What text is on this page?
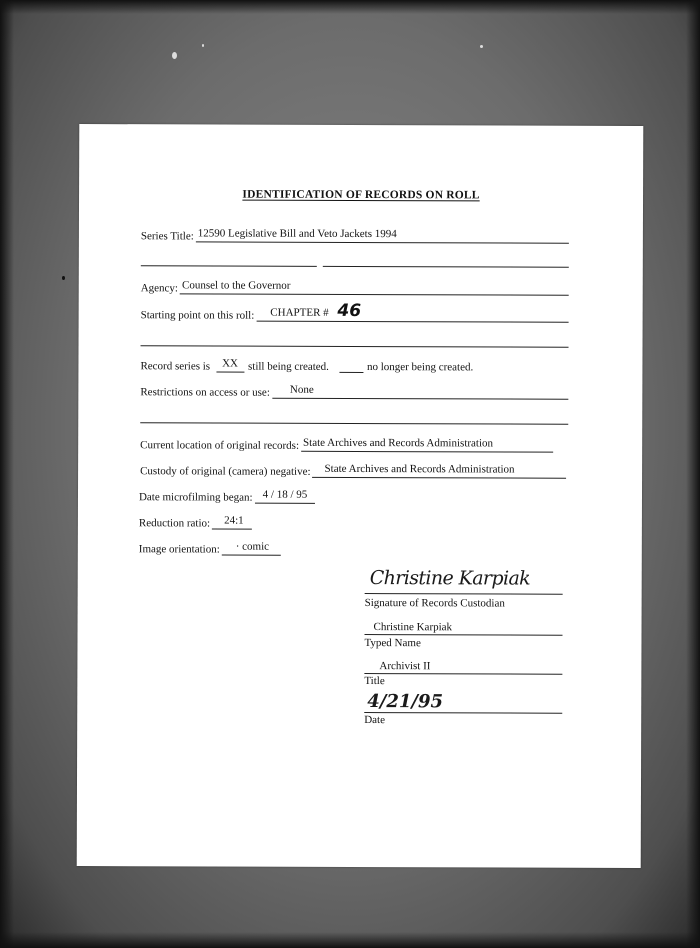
IDENTIFICATION OF RECORDS ON ROLL
Series Title: 12590 Legislative Bill and Veto Jackets 1994
Agency: Counsel to the Governor
Starting point on this roll:	CHAPTER # 46
Record series is	XX still being created.	no longer being created.
Restrictions on access or use:	None
Current location of original records: State Archives and Records Administration
Custody of original (camera) negative:	State Archives and Records Administration
Date microfilming began: 4 / 18 / 95
Reduction ratio:	24:1
Image orientation:	· comic
Christine Karpiak
Signature of Records Custodian
Christine Karpiak
Typed Name
Archivist II
Title
4/21/95
Date
